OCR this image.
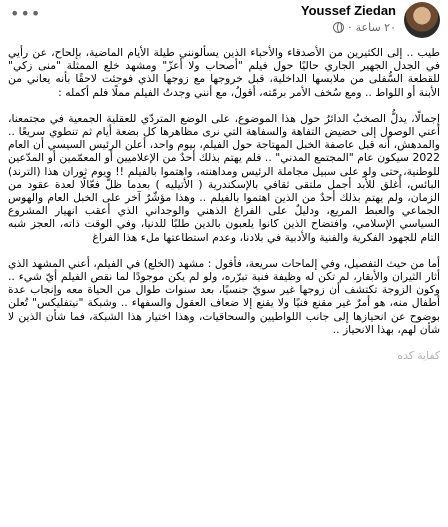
Youssef Ziedan
٢٠ ساعة
·
•••

طيب .. إلى الكثيرين من الأصدقاء والأحباء الذين يسألونني طيلة الأيام الماضية، بإلحاح، عن رأيي في الجدل الجهير الجاري حاليًا حول فيلم "أصحاب ولا أعزّ" ومشهد خلع الممثلة "منى زكي" للقطعة السُّفلى من ملابسها الداخلية، قبل خروجها مع زوجها الذي فوجئت لاحقًا بأنه يعاني من الأبنة أو اللواط .. ومع سُخف الأمر برمّته، أقولُ، مع أنني وجدتُ الفيلم مملًا فلم أكمله :

إجمالًا، يدلُّ الصخبُ الدائرُ حول هذا الموضوع، على الوضع المتردّي للعقلية الجمعية في مجتمعنا، أعني الوصول إلى حضيض التفاهة والسفاهة التي نرى مظاهرها كل بضعة أيام ثم تنطوي سريعًا .. والمدهش، أنه قبل عاصفة الخبل المهتاجة حول الفيلم، بيوم واحد، أعلن الرئيس السيسي أن العام 2022 سيكون عام "المجتمع المدني" .. فلم يهتم بذلك أحدٌ من الإعلاميين أو المعمّمين أو المدّعين للوطنية، حتى ولو على سبيل مجاملة الرئيس ومداهنته، واهتموا بالفيلم !! ويوم ثوران هذا (الترند) البائس، أُغلق للأبد أجمل ملتقى ثقافي بالإسكندرية ( الأتيليه ) بعدما ظلَّ فعّالًا لعدة عقود من الزمان، ولم يهتم بذلك أحدٌ من الذين اهتموا بالفيلم .. وهذا مؤشّرٌ آخر على الخبل العام والهوس الجماعي والعبط المريع، ودليلٌ على الفراغ الذهني والوجداني الذي أعقب انهيار المشروع السياسي الإسلامي، وافتضاح الذين كانوا يلعبون بالدين طلبًا للدنيا، وفي الوقت ذاته، العجز شبه التام للجهود الفكرية والفنية والأدبية في بلادنا، وعدم استطاعتها ملء هذا الفراغ

أما من حيث التفصيل، وفي إلماحات سريعة، فأقول : مشهد (الخلع) في الفيلم، أعني المشهد الذي أثار الثيران والأبقار، لم تكن له وظيفة فنية تبرّره، ولو لم يكن موجودًا لما نقص الفيلم أيّ شيء .. وكون الزوجة تكتشف أن زوجها غير سويّ جنسيًا، بعد سنوات طوال من الحياة معه وإنجاب عدة أطفال منه، هو أمرٌ غير مقنع فنيًا ولا يقنع إلا ضعاف العقول والسفهاء .. وشبكة "نيتفليكس" تُعلن بوضوح عن انحيازها إلى جانب اللواطيين والسحاقيات، وهذا اختيار هذا الشبكة، فما شأن الذين لا شأن لهم، بهذا الانحياز ..

كفاية كده
